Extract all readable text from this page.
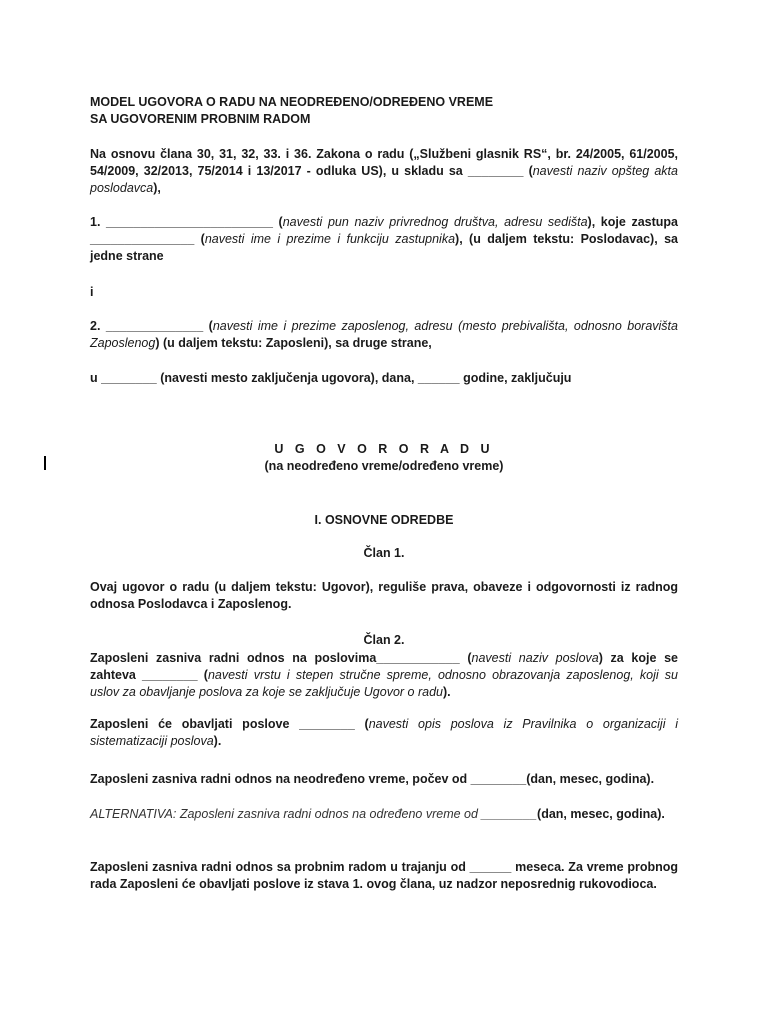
MODEL UGOVORA O RADU NA NEODREĐENO/ODREĐENO VREME
SA UGOVORENIM PROBNIM RADOM

Na osnovu člana 30, 31, 32, 33. i 36. Zakona o radu („Službeni glasnik RS“, br. 24/2005, 61/2005, 54/2009, 32/2013, 75/2014 i 13/2017 - odluka US), u skladu sa ________ (navesti naziv opšteg akta poslodavca),

1. ________________________ (navesti pun naziv privrednog društva, adresu sedišta), koje zastupa _______________ (navesti ime i prezime i funkciju zastupnika), (u daljem tekstu: Poslodavac), sa jedne strane

i

2. ______________ (navesti ime i prezime zaposlenog, adresu (mesto prebivališta, odnosno boravišta Zaposlenog) (u daljem tekstu: Zaposleni), sa druge strane,

u ________ (navesti mesto zaključenja ugovora), dana, ______ godine, zaključuju

U G O V O R O R A D U

(na neodređeno vreme/određeno vreme)

I. OSNOVNE ODREDBE

Član 1.

Ovaj ugovor o radu (u daljem tekstu: Ugovor), reguliše prava, obaveze i odgovornosti iz radnog odnosa Poslodavca i Zaposlenog.

Član 2.

Zaposleni zasniva radni odnos na poslovima____________ (navesti naziv poslova) za koje se zahteva ________ (navesti vrstu i stepen stručne spreme, odnosno obrazovanja zaposlenog, koji su uslov za obavljanje poslova za koje se zaključuje Ugovor o radu).

Zaposleni će obavljati poslove ________ (navesti opis poslova iz Pravilnika o organizaciji i sistematizaciji poslova).

Zaposleni zasniva radni odnos na neodređeno vreme, počev od ________(dan, mesec, godina).

ALTERNATIVA: Zaposleni zasniva radni odnos na određeno vreme od ________(dan, mesec, godina).

Zaposleni zasniva radni odnos sa probnim radom u trajanju od ______ meseca. Za vreme probnog rada Zaposleni će obavljati poslove iz stava 1. ovog člana, uz nadzor neposrednig rukovodioca.
